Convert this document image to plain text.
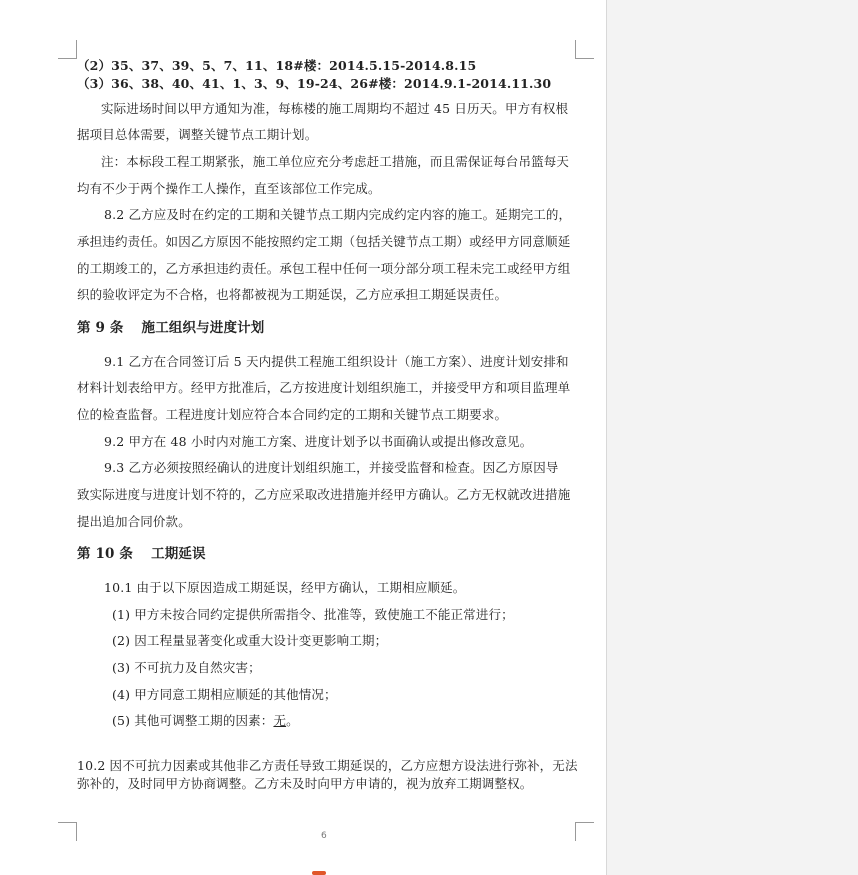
（2）35、37、39、5、7、11、18#楼：2014.5.15-2014.8.15
（3）36、38、40、41、1、3、9、19-24、26#楼：2014.9.1-2014.11.30
实际进场时间以甲方通知为准，每栋楼的施工周期均不超过 45 日历天。甲方有权根
据项目总体需要，调整关键节点工期计划。
注：本标段工程工期紧张，施工单位应充分考虑赶工措施，而且需保证每台吊篮每天
均有不少于两个操作工人操作，直至该部位工作完成。
8.2 乙方应及时在约定的工期和关键节点工期内完成约定内容的施工。延期完工的，
承担违约责任。如因乙方原因不能按照约定工期（包括关键节点工期）或经甲方同意顺延
的工期竣工的，乙方承担违约责任。承包工程中任何一项分部分项工程未完工或经甲方组
织的验收评定为不合格，也将都被视为工期延误，乙方应承担工期延误责任。
9.1 乙方在合同签订后 5 天内提供工程施工组织设计（施工方案）、进度计划安排和
材料计划表给甲方。经甲方批准后，乙方按进度计划组织施工，并接受甲方和项目监理单
位的检查监督。工程进度计划应符合本合同约定的工期和关键节点工期要求。
9.2 甲方在 48 小时内对施工方案、进度计划予以书面确认或提出修改意见。
9.3 乙方必须按照经确认的进度计划组织施工，并接受监督和检查。因乙方原因导
致实际进度与进度计划不符的，乙方应采取改进措施并经甲方确认。乙方无权就改进措施
提出追加合同价款。
10.1 由于以下原因造成工期延误，经甲方确认，工期相应顺延。
(1) 甲方未按合同约定提供所需指令、批准等，致使施工不能正常进行；
(2) 因工程量显著变化或重大设计变更影响工期；
(3) 不可抗力及自然灾害；
(4) 甲方同意工期相应顺延的其他情况；
10.2 因不可抗力因素或其他非乙方责任导致工期延误的，乙方应想方设法进行弥补，无法
弥补的，及时同甲方协商调整。乙方未及时向甲方申请的，视为放弃工期调整权。
第 9 条 施工组织与进度计划
第 10 条 工期延误
(5) 其他可调整工期的因素：无。
6
